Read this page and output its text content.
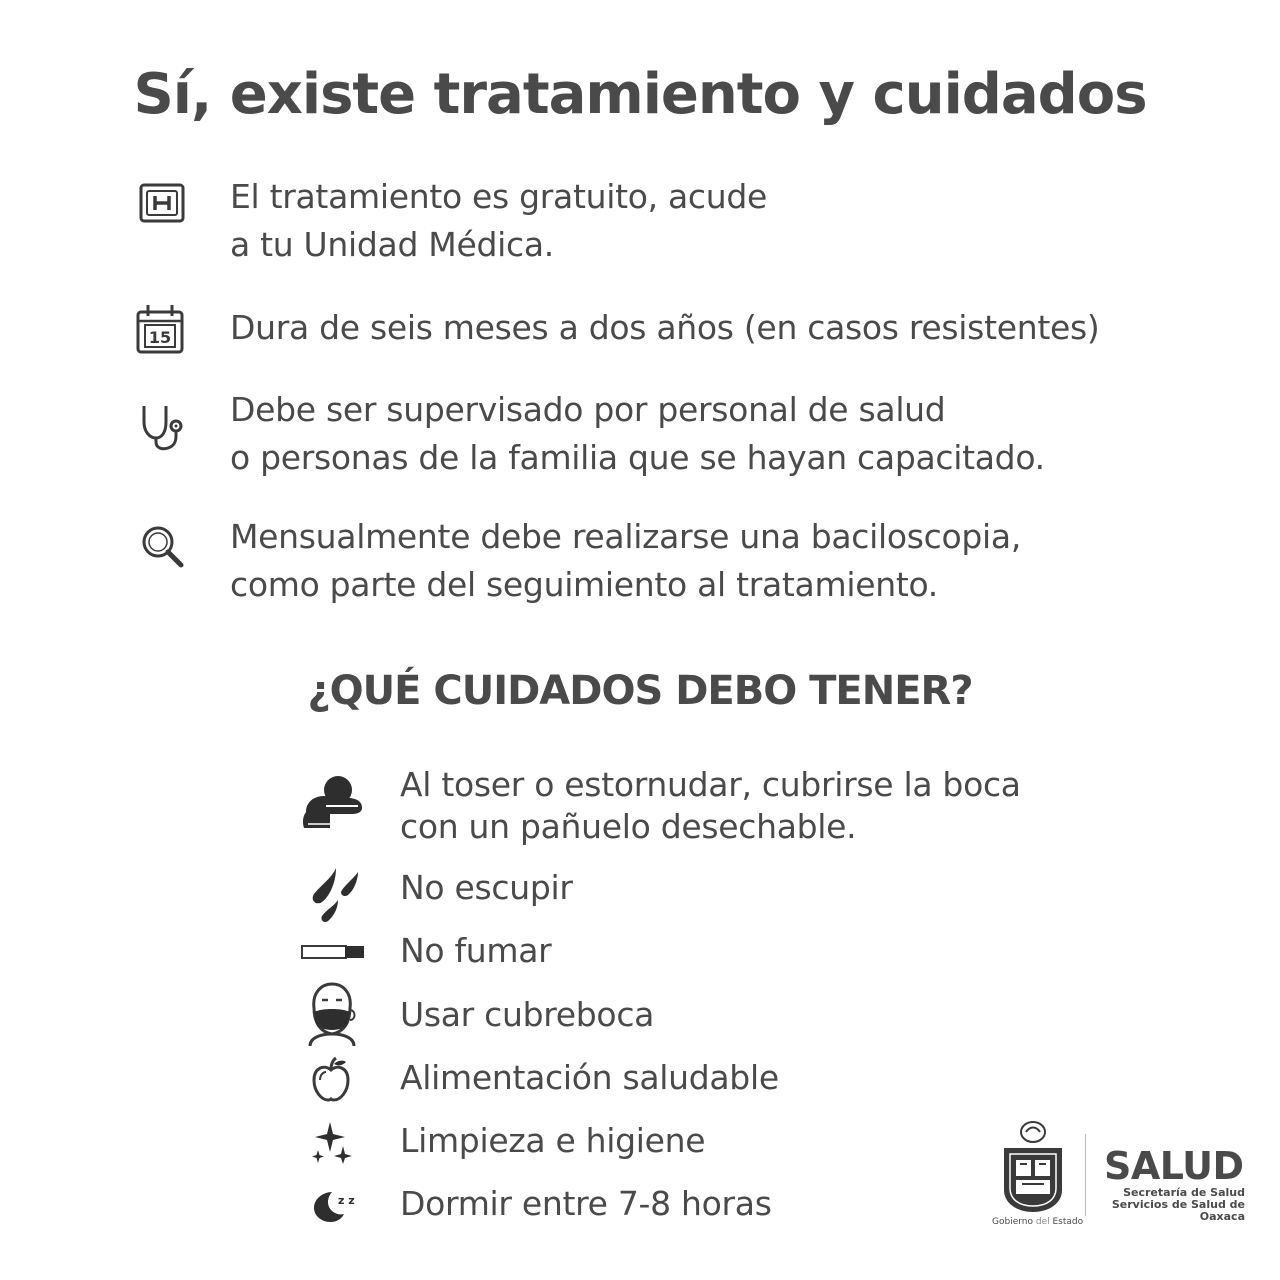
Sí, existe tratamiento y cuidados

El tratamiento es gratuito, acude

a tu Unidad Médica.

15 Dura de seis meses a dos años (en casos resistentes)

Debe ser supervisado por personal de salud

o personas de la familia que se hayan capacitado.

Mensualmente debe realizarse una baciloscopia,

como parte del seguimiento al tratamiento.

¿QUÉ CUIDADOS DEBO TENER?

Al toser o estornudar, cubrirse la boca

con un pañuelo desechable.

No escupir

No fumar

Usar cubreboca

Alimentación saludable

Limpieza e higiene

z z Dormir entre 7-8 horas	Gobierno del Estado
SALUD
Secretaría de Salud
Servicios de Salud de Oaxaca
